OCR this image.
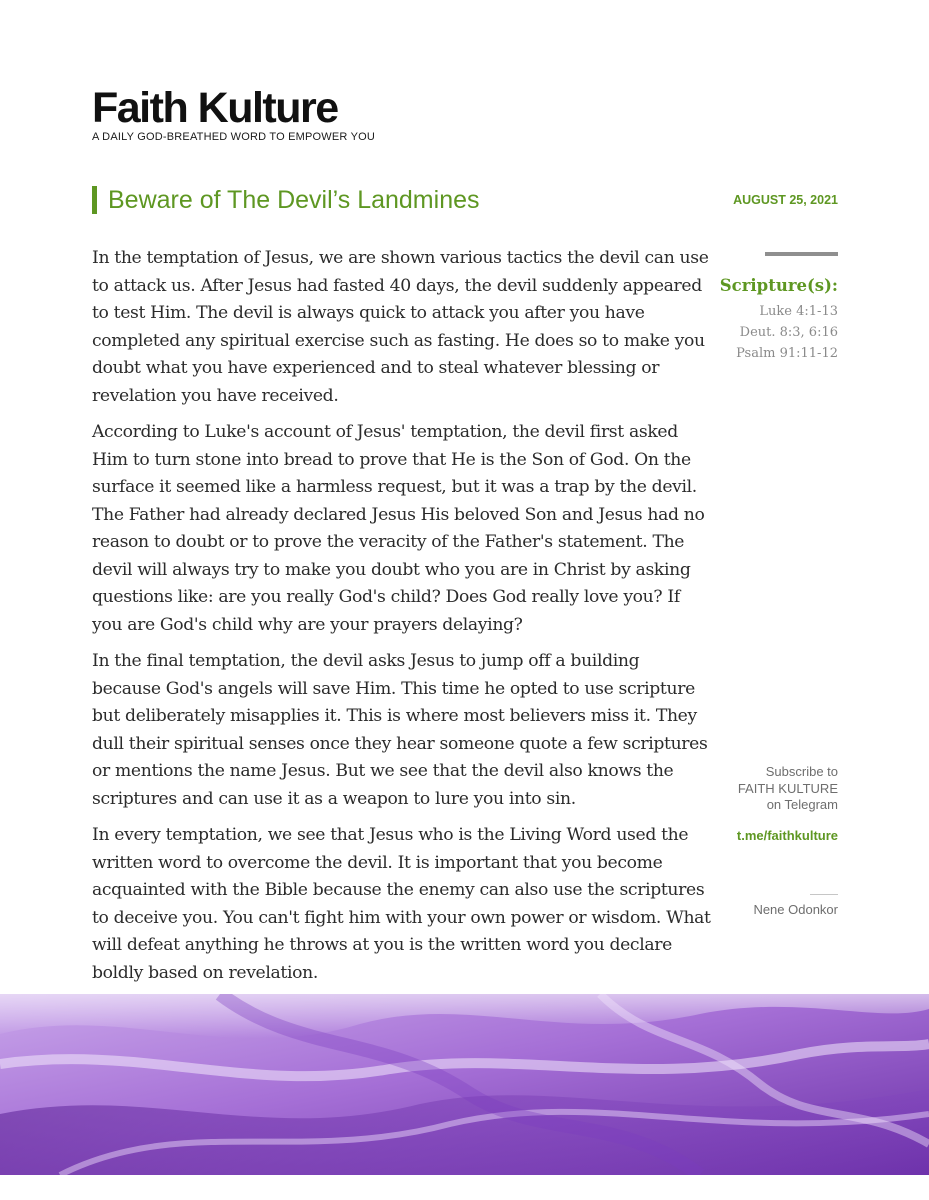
Faith Kulture
A DAILY GOD-BREATHED WORD TO EMPOWER YOU
Beware of The Devil’s Landmines	AUGUST 25, 2021

In the temptation of Jesus, we are shown various tactics the devil can use to attack us. After Jesus had fasted 40 days, the devil suddenly appeared to test Him. The devil is always quick to attack you after you have completed any spiritual exercise such as fasting. He does so to make you doubt what you have experienced and to steal whatever blessing or revelation you have received.

According to Luke's account of Jesus' temptation, the devil first asked Him to turn stone into bread to prove that He is the Son of God. On the surface it seemed like a harmless request, but it was a trap by the devil. The Father had already declared Jesus His beloved Son and Jesus had no reason to doubt or to prove the veracity of the Father's statement. The devil will always try to make you doubt who you are in Christ by asking questions like: are you really God's child? Does God really love you? If you are God's child why are your prayers delaying?

In the final temptation, the devil asks Jesus to jump off a building because God's angels will save Him. This time he opted to use scripture but deliberately misapplies it. This is where most believers miss it. They dull their spiritual senses once they hear someone quote a few scriptures or mentions the name Jesus. But we see that the devil also knows the scriptures and can use it as a weapon to lure you into sin.

In every temptation, we see that Jesus who is the Living Word used the written word to overcome the devil. It is important that you become acquainted with the Bible because the enemy can also use the scriptures to deceive you. You can't fight him with your own power or wisdom. What will defeat anything he throws at you is the written word you declare boldly based on revelation.

Scripture(s):
Luke 4:1-13
Deut. 8:3, 6:16
Psalm 91:11-12
Subscribe to
FAITH KULTURE
on Telegram
t.me/faithkulture
Nene Odonkor
